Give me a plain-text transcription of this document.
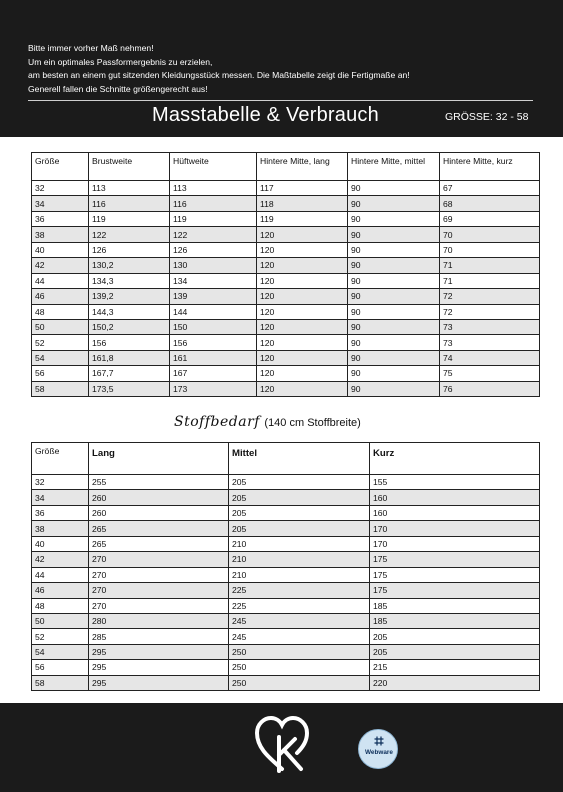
Bitte immer vorher Maß nehmen!
Um ein optimales Passformergebnis zu erzielen,
am besten an einem gut sitzenden Kleidungsstück messen. Die Maßtabelle zeigt die Fertigmaße an!
Generell fallen die Schnitte größengerecht aus!
Masstabelle & Verbrauch	GRÖSSE: 32 - 58
Größe	Brustweite	Hüftweite	Hintere Mitte, lang	Hintere Mitte, mittel	Hintere Mitte, kurz
32	113	113	117	90	67
34	116	116	118	90	68
36	119	119	119	90	69
38	122	122	120	90	70
40	126	126	120	90	70
42	130,2	130	120	90	71
44	134,3	134	120	90	71
46	139,2	139	120	90	72
48	144,3	144	120	90	72
50	150,2	150	120	90	73
52	156	156	120	90	73
54	161,8	161	120	90	74
56	167,7	167	120	90	75
58	173,5	173	120	90	76
Stoffbedarf (140 cm Stoffbreite)
Größe	Lang	Mittel	Kurz
32	255	205	155
34	260	205	160
36	260	205	160
38	265	205	170
40	265	210	170
42	270	210	175
44	270	210	175
46	270	225	175
48	270	225	185
50	280	245	185
52	285	245	205
54	295	250	205
56	295	250	215
58	295	250	220
Webware
